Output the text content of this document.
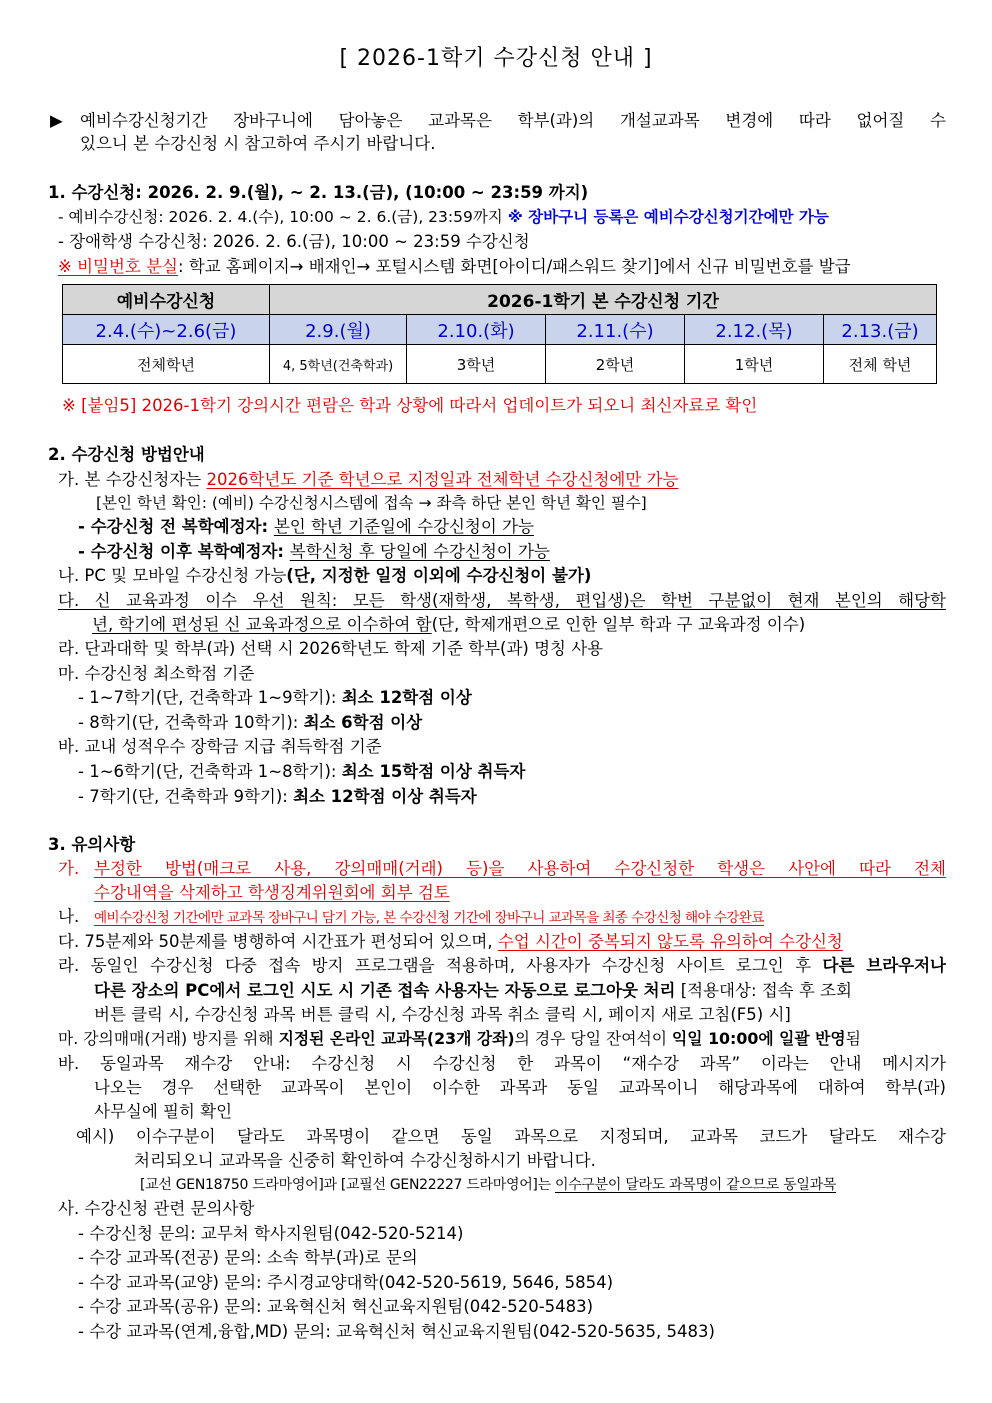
[ 2026-1학기 수강신청 안내 ]
▶ 예비수강신청기간 장바구니에 담아놓은 교과목은 학부(과)의 개설교과목 변경에 따라 없어질 수
있으니 본 수강신청 시 참고하여 주시기 바랍니다.
1. 수강신청: 2026. 2. 9.(월), ~ 2. 13.(금), (10:00 ~ 23:59 까지)
- 예비수강신청: 2026. 2. 4.(수), 10:00 ~ 2. 6.(금), 23:59까지 ※ 장바구니 등록은 예비수강신청기간에만 가능
- 장애학생 수강신청: 2026. 2. 6.(금), 10:00 ~ 23:59 수강신청
※ 비밀번호 분실: 학교 홈페이지→ 배재인→ 포털시스템 화면[아이디/패스워드 찾기]에서 신규 비밀번호를 발급
예비수강신청	2026-1학기 본 수강신청 기간				
2.4.(수)~2.6(금)	2.9.(월)	2.10.(화)	2.11.(수)	2.12.(목)	2.13.(금)
전체학년	4, 5학년(건축학과)	3학년	2학년	1학년	전체 학년
※ [붙임5] 2026-1학기 강의시간 편람은 학과 상황에 따라서 업데이트가 되오니 최신자료로 확인
2. 수강신청 방법안내
가. 본 수강신청자는 2026학년도 기준 학년으로 지정일과 전체학년 수강신청에만 가능
[본인 학년 확인: (예비) 수강신청시스템에 접속 → 좌측 하단 본인 학년 확인 필수]
- 수강신청 전 복학예정자: 본인 학년 기준일에 수강신청이 가능
- 수강신청 이후 복학예정자: 복학신청 후 당일에 수강신청이 가능
나. PC 및 모바일 수강신청 가능(단, 지정한 일정 이외에 수강신청이 불가)
다. 신 교육과정 이수 우선 원칙: 모든 학생(재학생, 복학생, 편입생)은 학번 구분없이 현재 본인의 해당학
년, 학기에 편성된 신 교육과정으로 이수하여 함(단, 학제개편으로 인한 일부 학과 구 교육과정 이수)
라. 단과대학 및 학부(과) 선택 시 2026학년도 학제 기준 학부(과) 명칭 사용
마. 수강신청 최소학점 기준
- 1~7학기(단, 건축학과 1~9학기): 최소 12학점 이상
- 8학기(단, 건축학과 10학기): 최소 6학점 이상
바. 교내 성적우수 장학금 지급 취득학점 기준
- 1~6학기(단, 건축학과 1~8학기): 최소 15학점 이상 취득자
- 7학기(단, 건축학과 9학기): 최소 12학점 이상 취득자
3. 유의사항
가. 부정한 방법(매크로 사용, 강의매매(거래) 등)을 사용하여 수강신청한 학생은 사안에 따라 전체
수강내역을 삭제하고 학생징계위원회에 회부 검토
나. 예비수강신청 기간에만 교과목 장바구니 담기 가능, 본 수강신청 기간에 장바구니 교과목을 최종 수강신청 해야 수강완료
다. 75분제와 50분제를 병행하여 시간표가 편성되어 있으며, 수업 시간이 중복되지 않도록 유의하여 수강신청
라. 동일인 수강신청 다중 접속 방지 프로그램을 적용하며, 사용자가 수강신청 사이트 로그인 후 다른 브라우저나
다른 장소의 PC에서 로그인 시도 시 기존 접속 사용자는 자동으로 로그아웃 처리 [적용대상: 접속 후 조회
버튼 클릭 시, 수강신청 과목 버튼 클릭 시, 수강신청 과목 취소 클릭 시, 페이지 새로 고침(F5) 시]
마. 강의매매(거래) 방지를 위해 지정된 온라인 교과목(23개 강좌)의 경우 당일 잔여석이 익일 10:00에 일괄 반영됨
바. 동일과목 재수강 안내: 수강신청 시 수강신청 한 과목이 “재수강 과목” 이라는 안내 메시지가
나오는 경우 선택한 교과목이 본인이 이수한 과목과 동일 교과목이니 해당과목에 대하여 학부(과)
사무실에 필히 확인
예시) 이수구분이 달라도 과목명이 같으면 동일 과목으로 지정되며, 교과목 코드가 달라도 재수강
처리되오니 교과목을 신중히 확인하여 수강신청하시기 바랍니다.
[교선 GEN18750 드라마영어]과 [교필선 GEN22227 드라마영어]는 이수구분이 달라도 과목명이 같으므로 동일과목
사. 수강신청 관련 문의사항
- 수강신청 문의: 교무처 학사지원팀(042-520-5214)
- 수강 교과목(전공) 문의: 소속 학부(과)로 문의
- 수강 교과목(교양) 문의: 주시경교양대학(042-520-5619, 5646, 5854)
- 수강 교과목(공유) 문의: 교육혁신처 혁신교육지원팀(042-520-5483)
- 수강 교과목(연계,융합,MD) 문의: 교육혁신처 혁신교육지원팀(042-520-5635, 5483)
